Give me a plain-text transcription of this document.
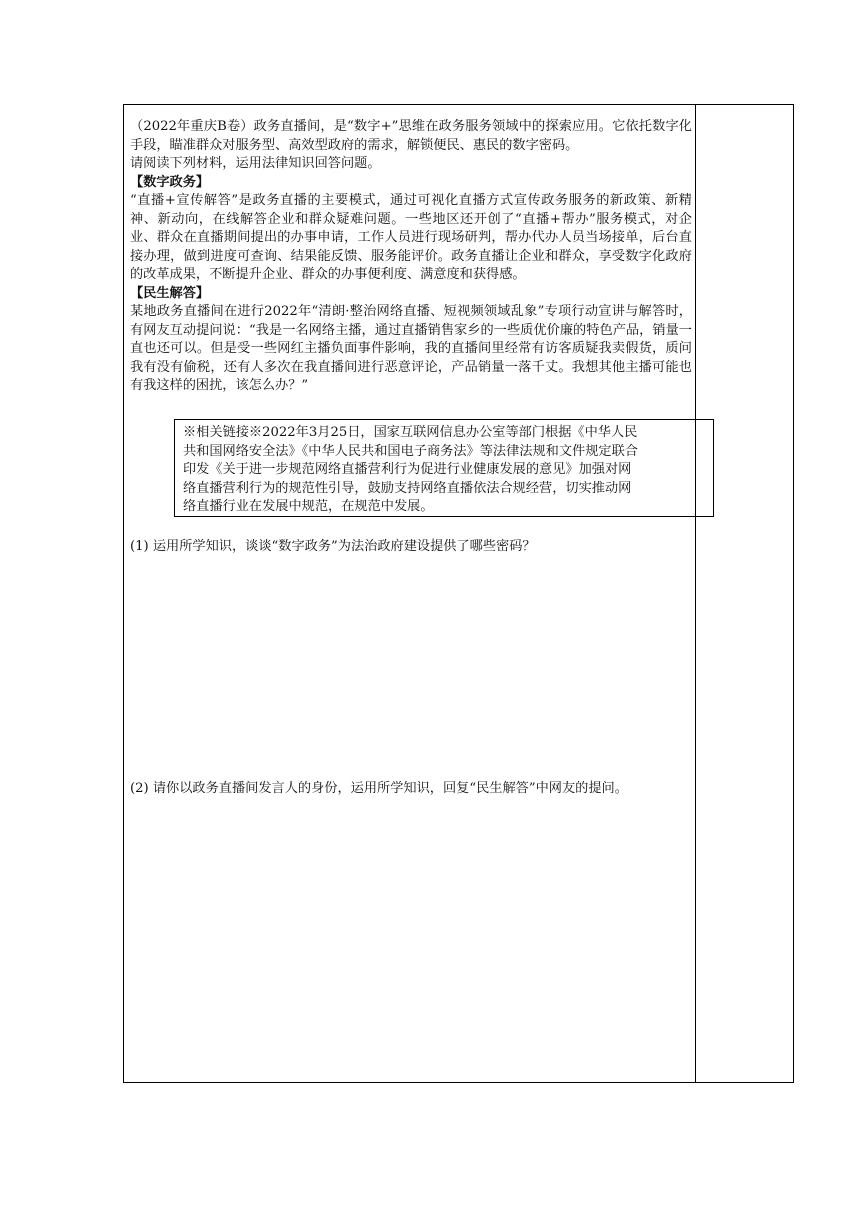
（2022年重庆B卷）政务直播间，是“数字+”思维在政务服务领域中的探索应用。它依托数字化手段，瞄准群众对服务型、高效型政府的需求，解锁便民、惠民的数字密码。

请阅读下列材料，运用法律知识回答问题。

【数字政务】

“直播+宣传解答”是政务直播的主要模式，通过可视化直播方式宣传政务服务的新政策、新精神、新动向，在线解答企业和群众疑难问题。一些地区还开创了“直播+帮办”服务模式，对企业、群众在直播期间提出的办事申请，工作人员进行现场研判，帮办代办人员当场接单，后台直接办理，做到进度可查询、结果能反馈、服务能评价。政务直播让企业和群众，享受数字化政府的改革成果，不断提升企业、群众的办事便利度、满意度和获得感。

【民生解答】

某地政务直播间在进行2022年“清朗·整治网络直播、短视频领域乱象”专项行动宣讲与解答时，有网友互动提问说：“我是一名网络主播，通过直播销售家乡的一些质优价廉的特色产品，销量一直也还可以。但是受一些网红主播负面事件影响，我的直播间里经常有访客质疑我卖假货，质问我有没有偷税，还有人多次在我直播间进行恶意评论，产品销量一落千丈。我想其他主播可能也有我这样的困扰，该怎么办？”

※相关链接※2022年3月25日，国家互联网信息办公室等部门根据《中华人民
共和国网络安全法》《中华人民共和国电子商务法》等法律法规和文件规定联合
印发《关于进一步规范网络直播营利行为促进行业健康发展的意见》加强对网
络直播营利行为的规范性引导，鼓励支持网络直播依法合规经营，切实推动网
络直播行业在发展中规范，在规范中发展。
(1) 运用所学知识，谈谈“数字政务”为法治政府建设提供了哪些密码？
(2) 请你以政务直播间发言人的身份，运用所学知识，回复“民生解答”中网友的提问。
